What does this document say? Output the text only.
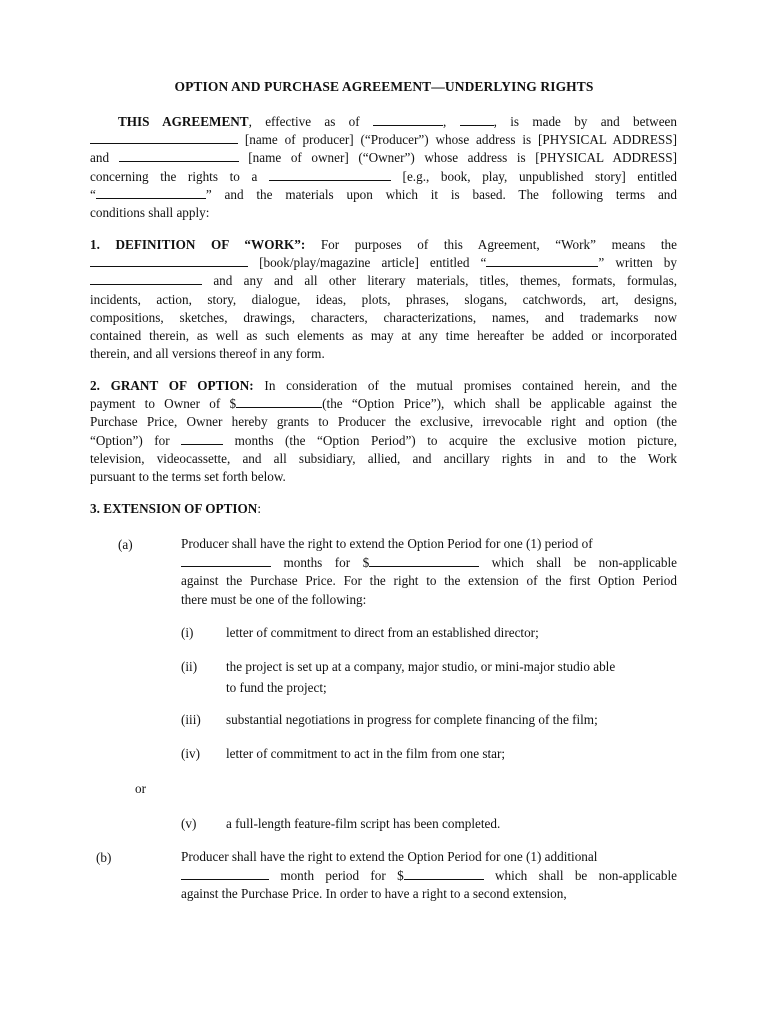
OPTION AND PURCHASE AGREEMENT—UNDERLYING RIGHTS
THIS AGREEMENT, effective as of	,	, is made by and between
[name of producer] (“Producer”) whose address is [PHYSICAL ADDRESS]
and	[name of owner] (“Owner”) whose address is [PHYSICAL ADDRESS]
concerning the rights to a	[e.g., book, play, unpublished story] entitled
“	” and the materials upon which it is based. The following terms and
conditions shall apply:
1. DEFINITION OF “WORK”: For purposes of this Agreement, “Work” means the
[book/play/magazine article] entitled “	” written by
and any and all other literary materials, titles, themes, formats, formulas,
incidents, action, story, dialogue, ideas, plots, phrases, slogans, catchwords, art, designs,
compositions, sketches, drawings, characters, characterizations, names, and trademarks now
contained therein, as well as such elements as may at any time hereafter be added or incorporated
therein, and all versions thereof in any form.
2. GRANT OF OPTION: In consideration of the mutual promises contained herein, and the
payment to Owner of $	(the “Option Price”), which shall be applicable against the
Purchase Price, Owner hereby grants to Producer the exclusive, irrevocable right and option (the
“Option”) for	months (the “Option Period”) to acquire the exclusive motion picture,
television, videocassette, and all subsidiary, allied, and ancillary rights in and to the Work
pursuant to the terms set forth below.
3. EXTENSION OF OPTION:
(a)	Producer shall have the right to extend the Option Period for one (1) period of
months for $	which shall be non-applicable
against the Purchase Price. For the right to the extension of the first Option Period
there must be one of the following:
(i) letter of commitment to direct from an established director;
(ii) the project is set up at a company, major studio, or mini-major studio able
to fund the project;
(iii) substantial negotiations in progress for complete financing of the film;
(iv) letter of commitment to act in the film from one star;
or
(v) a full-length feature-film script has been completed.
(b)	Producer shall have the right to extend the Option Period for one (1) additional
month period for $	which shall be non-applicable
against the Purchase Price. In order to have a right to a second extension,
